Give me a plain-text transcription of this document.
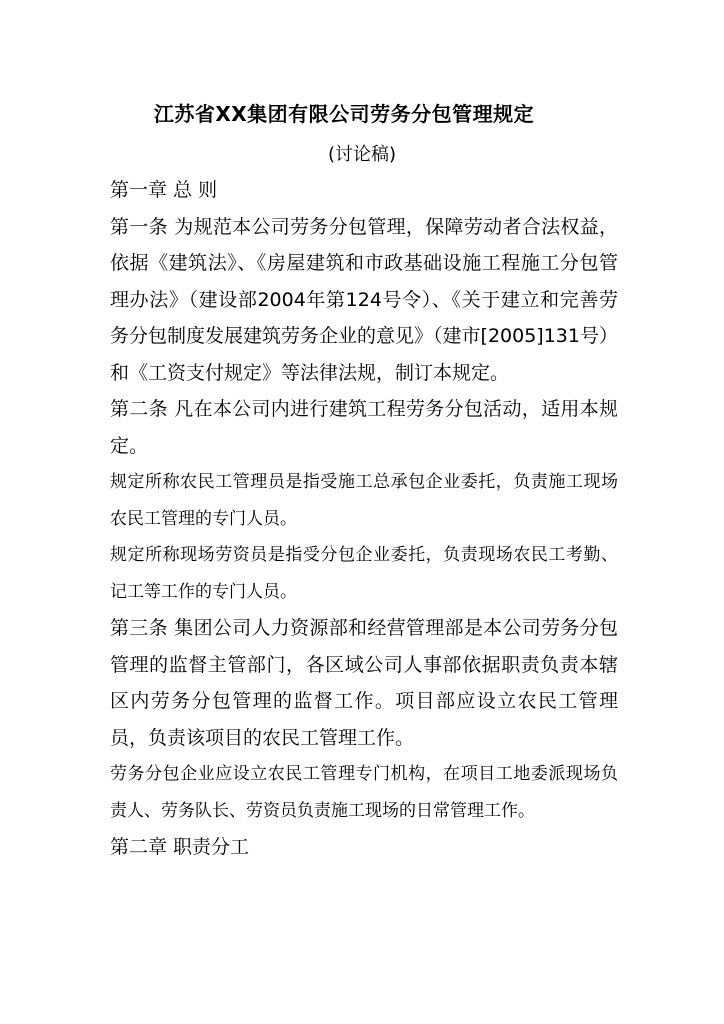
江苏省XX集团有限公司劳务分包管理规定
(讨论稿)

第一章 总 则

第一条 为规范本公司劳务分包管理，保障劳动者合法权益，依据《建筑法》、《房屋建筑和市政基础设施工程施工分包管理办法》（建设部2004年第124号令）、《关于建立和完善劳务分包制度发展建筑劳务企业的意见》（建市[2005]131号）和《工资支付规定》等法律法规，制订本规定。

第二条 凡在本公司内进行建筑工程劳务分包活动，适用本规定。

规定所称农民工管理员是指受施工总承包企业委托，负责施工现场农民工管理的专门人员。

规定所称现场劳资员是指受分包企业委托，负责现场农民工考勤、记工等工作的专门人员。

第三条 集团公司人力资源部和经营管理部是本公司劳务分包管理的监督主管部门，各区域公司人事部依据职责负责本辖区内劳务分包管理的监督工作。项目部应设立农民工管理员，负责该项目的农民工管理工作。

劳务分包企业应设立农民工管理专门机构，在项目工地委派现场负责人、劳务队长、劳资员负责施工现场的日常管理工作。

第二章 职责分工
